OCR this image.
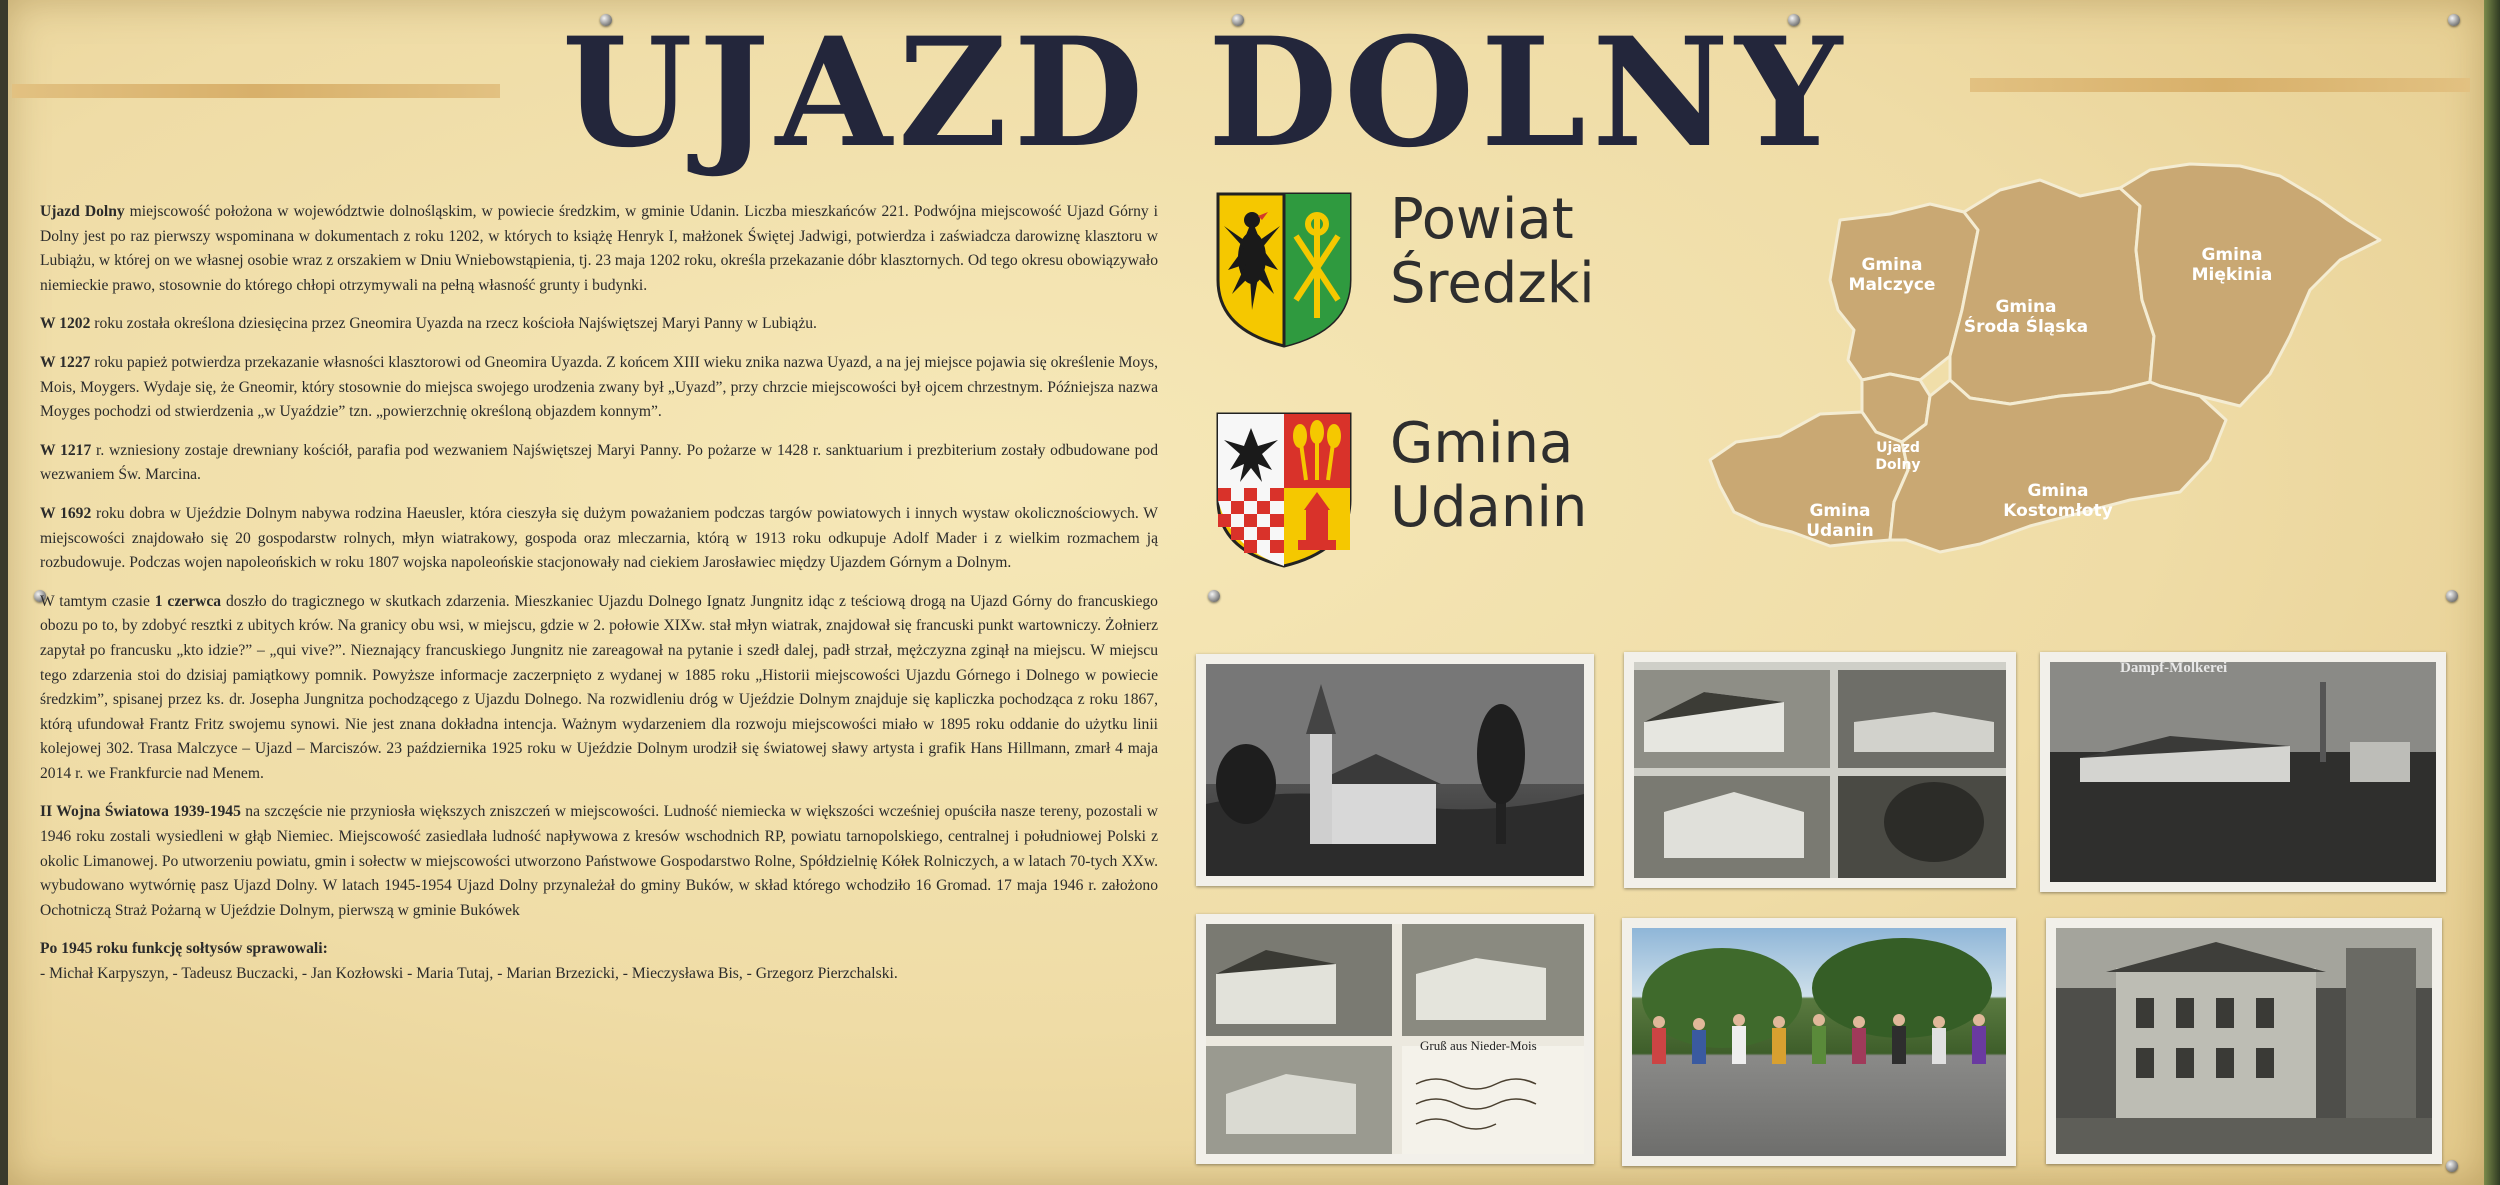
UJAZD DOLNY

Ujazd Dolny miejscowość położona w województwie dolnośląskim, w powiecie średzkim, w gminie Udanin. Liczba mieszkańców 221. Podwójna miejscowość Ujazd Górny i Dolny jest po raz pierwszy wspominana w dokumentach z roku 1202, w których to książę Henryk I, małżonek Świętej Jadwigi, potwierdza i zaświadcza darowiznę klasztoru w Lubiążu, w której on we własnej osobie wraz z orszakiem w Dniu Wniebowstąpienia, tj. 23 maja 1202 roku, określa przekazanie dóbr klasztornych. Od tego okresu obowiązywało niemieckie prawo, stosownie do którego chłopi otrzymywali na pełną własność grunty i budynki.

W 1202 roku została określona dziesięcina przez Gneomira Uyazda na rzecz kościoła Najświętszej Maryi Panny w Lubiążu.

W 1227 roku papież potwierdza przekazanie własności klasztorowi od Gneomira Uyazda. Z końcem XIII wieku znika nazwa Uyazd, a na jej miejsce pojawia się określenie Moys, Mois, Moygers. Wydaje się, że Gneomir, który stosownie do miejsca swojego urodzenia zwany był „Uyazd”, przy chrzcie miejscowości był ojcem chrzestnym. Późniejsza nazwa Moyges pochodzi od stwierdzenia „w Uyaździe” tzn. „powierzchnię określoną objazdem konnym”.

W 1217 r. wzniesiony zostaje drewniany kościół, parafia pod wezwaniem Najświętszej Maryi Panny. Po pożarze w 1428 r. sanktuarium i prezbiterium zostały odbudowane pod wezwaniem Św. Marcina.

W 1692 roku dobra w Ujeździe Dolnym nabywa rodzina Haeusler, która cieszyła się dużym poważaniem podczas targów powiatowych i innych wystaw okolicznościowych. W miejscowości znajdowało się 20 gospodarstw rolnych, młyn wiatrakowy, gospoda oraz mleczarnia, którą w 1913 roku odkupuje Adolf Mader i z wielkim rozmachem ją rozbudowuje. Podczas wojen napoleońskich w roku 1807 wojska napoleońskie stacjonowały nad ciekiem Jarosławiec między Ujazdem Górnym a Dolnym.

W tamtym czasie 1 czerwca doszło do tragicznego w skutkach zdarzenia. Mieszkaniec Ujazdu Dolnego Ignatz Jungnitz idąc z teściową drogą na Ujazd Górny do francuskiego obozu po to, by zdobyć resztki z ubitych krów. Na granicy obu wsi, w miejscu, gdzie w 2. połowie XIXw. stał młyn wiatrak, znajdował się francuski punkt wartowniczy. Żołnierz zapytał po francusku „kto idzie?” – „qui vive?”. Nieznający francuskiego Jungnitz nie zareagował na pytanie i szedł dalej, padł strzał, mężczyzna zginął na miejscu. W miejscu tego zdarzenia stoi do dzisiaj pamiątkowy pomnik. Powyższe informacje zaczerpnięto z wydanej w 1885 roku „Historii miejscowości Ujazdu Górnego i Dolnego w powiecie średzkim”, spisanej przez ks. dr. Josepha Jungnitza pochodzącego z Ujazdu Dolnego. Na rozwidleniu dróg w Ujeździe Dolnym znajduje się kapliczka pochodząca z roku 1867, którą ufundował Frantz Fritz swojemu synowi. Nie jest znana dokładna intencja. Ważnym wydarzeniem dla rozwoju miejscowości miało w 1895 roku oddanie do użytku linii kolejowej 302. Trasa Malczyce – Ujazd – Marciszów. 23 października 1925 roku w Ujeździe Dolnym urodził się światowej sławy artysta i grafik Hans Hillmann, zmarł 4 maja 2014 r. we Frankfurcie nad Menem.

II Wojna Światowa 1939-1945 na szczęście nie przyniosła większych zniszczeń w miejscowości. Ludność niemiecka w większości wcześniej opuściła nasze tereny, pozostali w 1946 roku zostali wysiedleni w głąb Niemiec. Miejscowość zasiedlała ludność napływowa z kresów wschodnich RP, powiatu tarnopolskiego, centralnej i południowej Polski z okolic Limanowej. Po utworzeniu powiatu, gmin i sołectw w miejscowości utworzono Państwowe Gospodarstwo Rolne, Spółdzielnię Kółek Rolniczych, a w latach 70-tych XXw. wybudowano wytwórnię pasz Ujazd Dolny. W latach 1945-1954 Ujazd Dolny przynależał do gminy Buków, w skład którego wchodziło 16 Gromad. 17 maja 1946 r. założono Ochotniczą Straż Pożarną w Ujeździe Dolnym, pierwszą w gminie Bukówek

Po 1945 roku funkcję sołtysów sprawowali:
- Michał Karpyszyn, - Tadeusz Buczacki, - Jan Kozłowski - Maria Tutaj, - Marian Brzezicki, - Mieczysława Bis, - Grzegorz Pierzchalski.
Powiat
Średzki
Gmina
Udanin
Gmina Malczyce
Gmina Środa Śląska
Gmina Miękinia
Ujazd Dolny
Gmina Udanin
Gmina Kostomłoty
Dampf-Molkerei
Gruß aus Nieder-Mois
